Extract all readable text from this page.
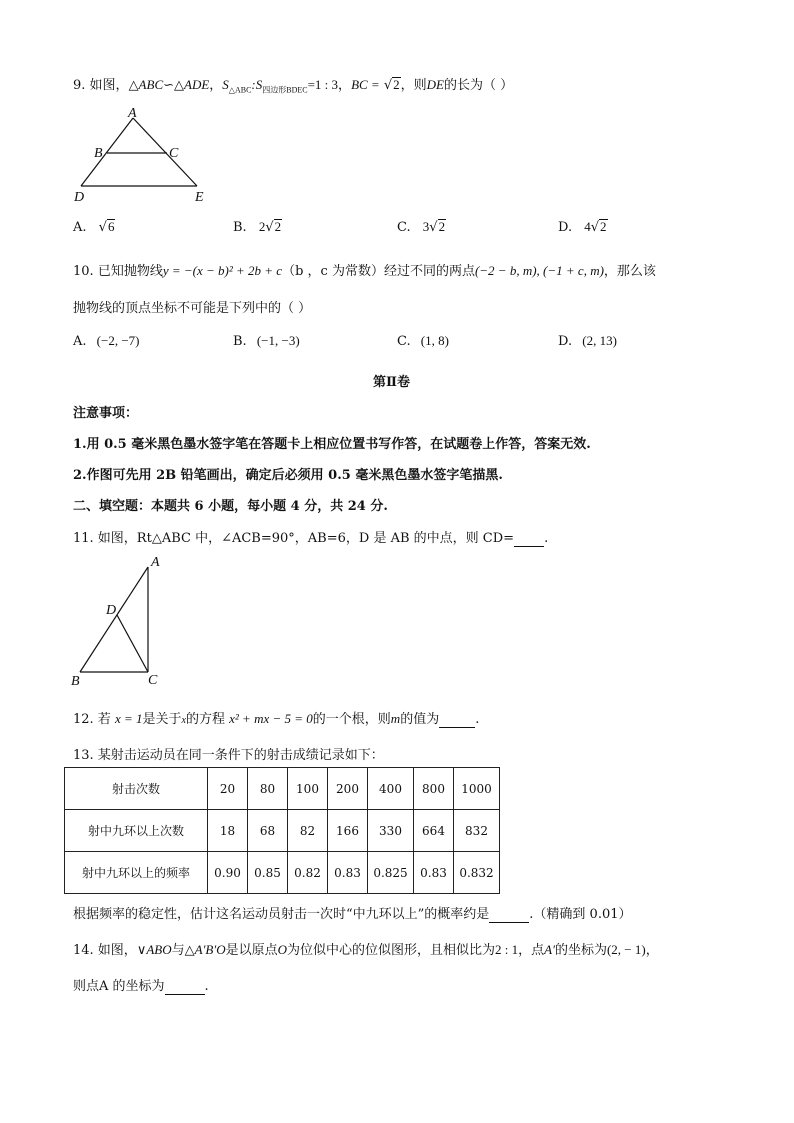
9. 如图，△ABC∽△ADE，$S_{\triangle ABC}:S_{四边形BDEC}=1$ : 3，BC = √2，则DE的长为（ ）
A
B	C
D	E
A. √6	B. 2√2	C. 3√2	D. 4√2
10. 已知抛物线y = −(x − b)² + 2b + c（b ，c 为常数）经过不同的两点(−2 − b, m), (−1 + c, m)，那么该
抛物线的顶点坐标不可能是下列中的（ ）
A. (−2, −7)	B. (−1, −3)	C. (1, 8)	D. (2, 13)
第Ⅱ卷
注意事项：
1.用 0.5 毫米黑色墨水签字笔在答题卡上相应位置书写作答，在试题卷上作答，答案无效.
2.作图可先用 2B 铅笔画出，确定后必须用 0.5 毫米黑色墨水签字笔描黑.
二、填空题：本题共 6 小题，每小题 4 分，共 24 分.
11. 如图，Rt△ABC 中，∠ACB=90°，AB=6，D 是 AB 的中点，则 CD= .
A
D
B	C
12. 若 x = 1是关于x的方程 x² + mx − 5 = 0的一个根，则m的值为	.
13. 某射击运动员在同一条件下的射击成绩记录如下：
射击次数	20	80	100	200	400	800	1000
射中九环以上次数	18	68	82	166	330	664	832
射中九环以上的频率	0.90	0.85	0.82	0.83	0.825	0.83	0.832
根据频率的稳定性，估计这名运动员射击一次时“中九环以上”的概率约是	.（精确到 0.01）
14. 如图，∨ABO与△A′B′O是以原点O为位似中心的位似图形，且相似比为2 : 1，点A′的坐标为(2, − 1)，
则点A 的坐标为	.
